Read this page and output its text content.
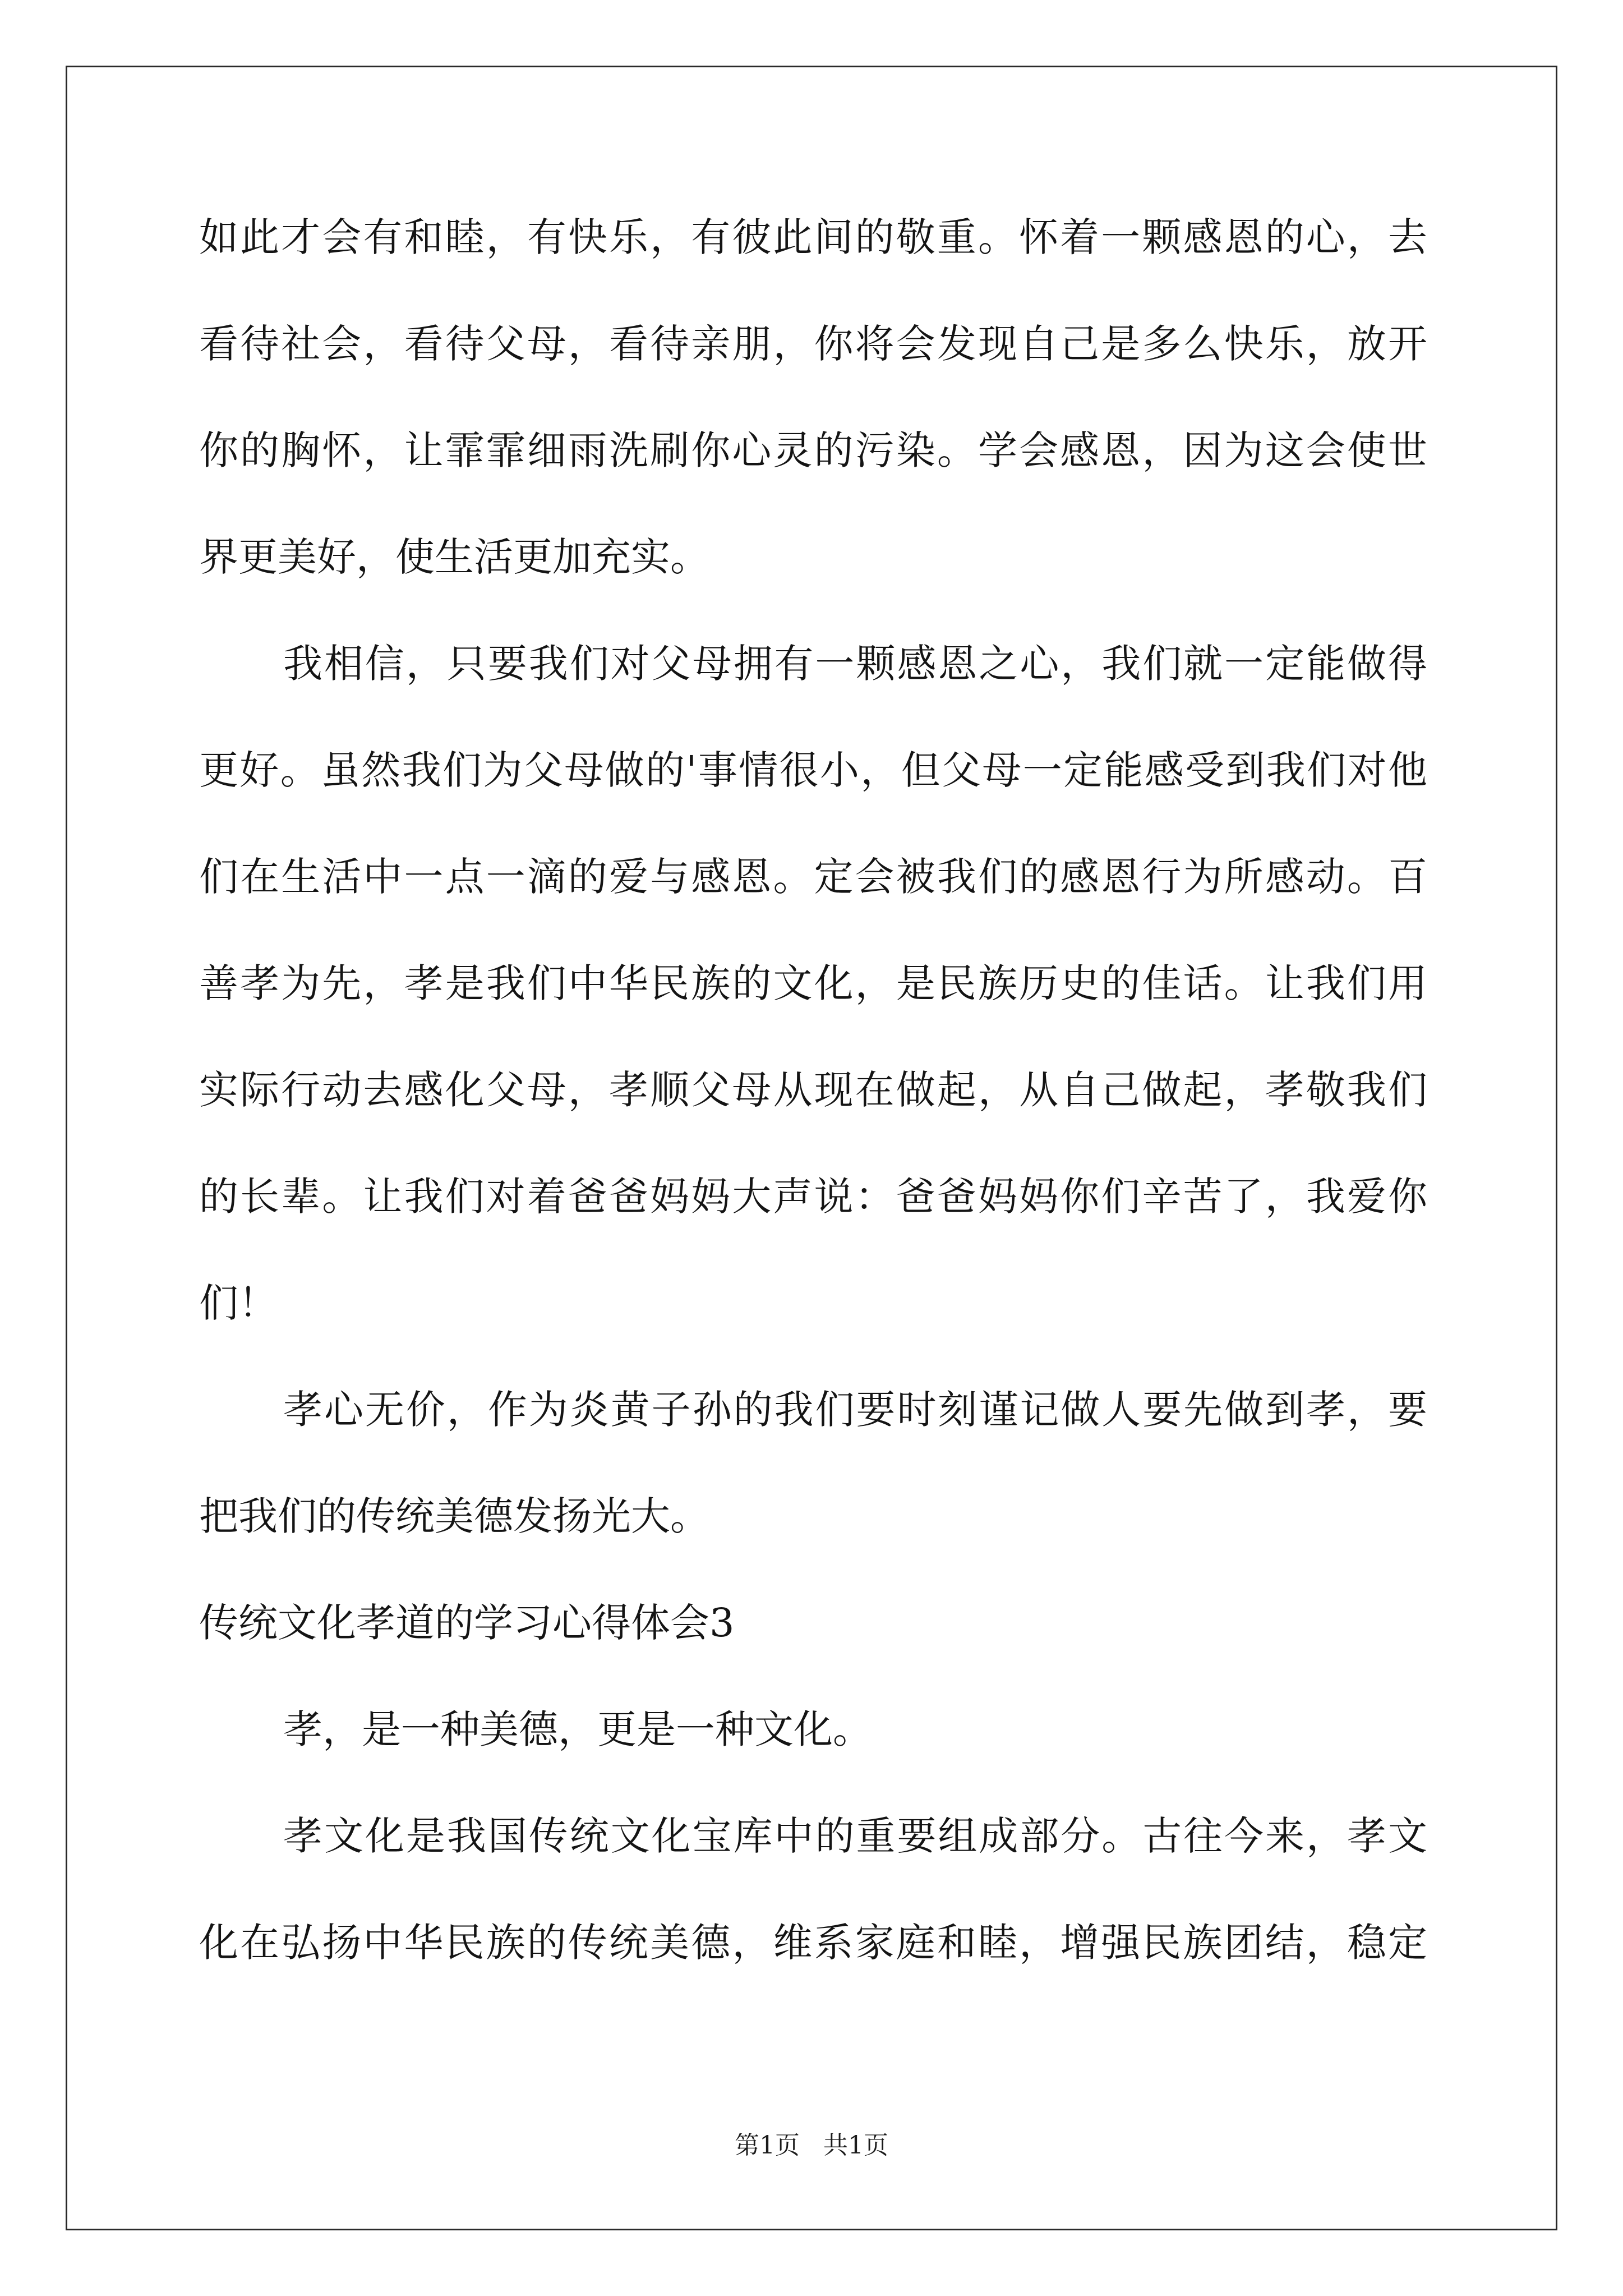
如此才会有和睦，有快乐，有彼此间的敬重。怀着一颗感恩的心，去
看待社会，看待父母，看待亲朋，你将会发现自己是多么快乐，放开
你的胸怀，让霏霏细雨洗刷你心灵的污染。学会感恩，因为这会使世
界更美好，使生活更加充实。
我相信，只要我们对父母拥有一颗感恩之心，我们就一定能做得
更好。虽然我们为父母做的'事情很小，但父母一定能感受到我们对他
们在生活中一点一滴的爱与感恩。定会被我们的感恩行为所感动。百
善孝为先，孝是我们中华民族的文化，是民族历史的佳话。让我们用
实际行动去感化父母，孝顺父母从现在做起，从自己做起，孝敬我们
的长辈。让我们对着爸爸妈妈大声说：爸爸妈妈你们辛苦了，我爱你
们！
孝心无价，作为炎黄子孙的我们要时刻谨记做人要先做到孝，要
把我们的传统美德发扬光大。
传统文化孝道的学习心得体会3
孝，是一种美德，更是一种文化。
孝文化是我国传统文化宝库中的重要组成部分。古往今来，孝文
化在弘扬中华民族的传统美德，维系家庭和睦，增强民族团结，稳定
第1页 共1页
